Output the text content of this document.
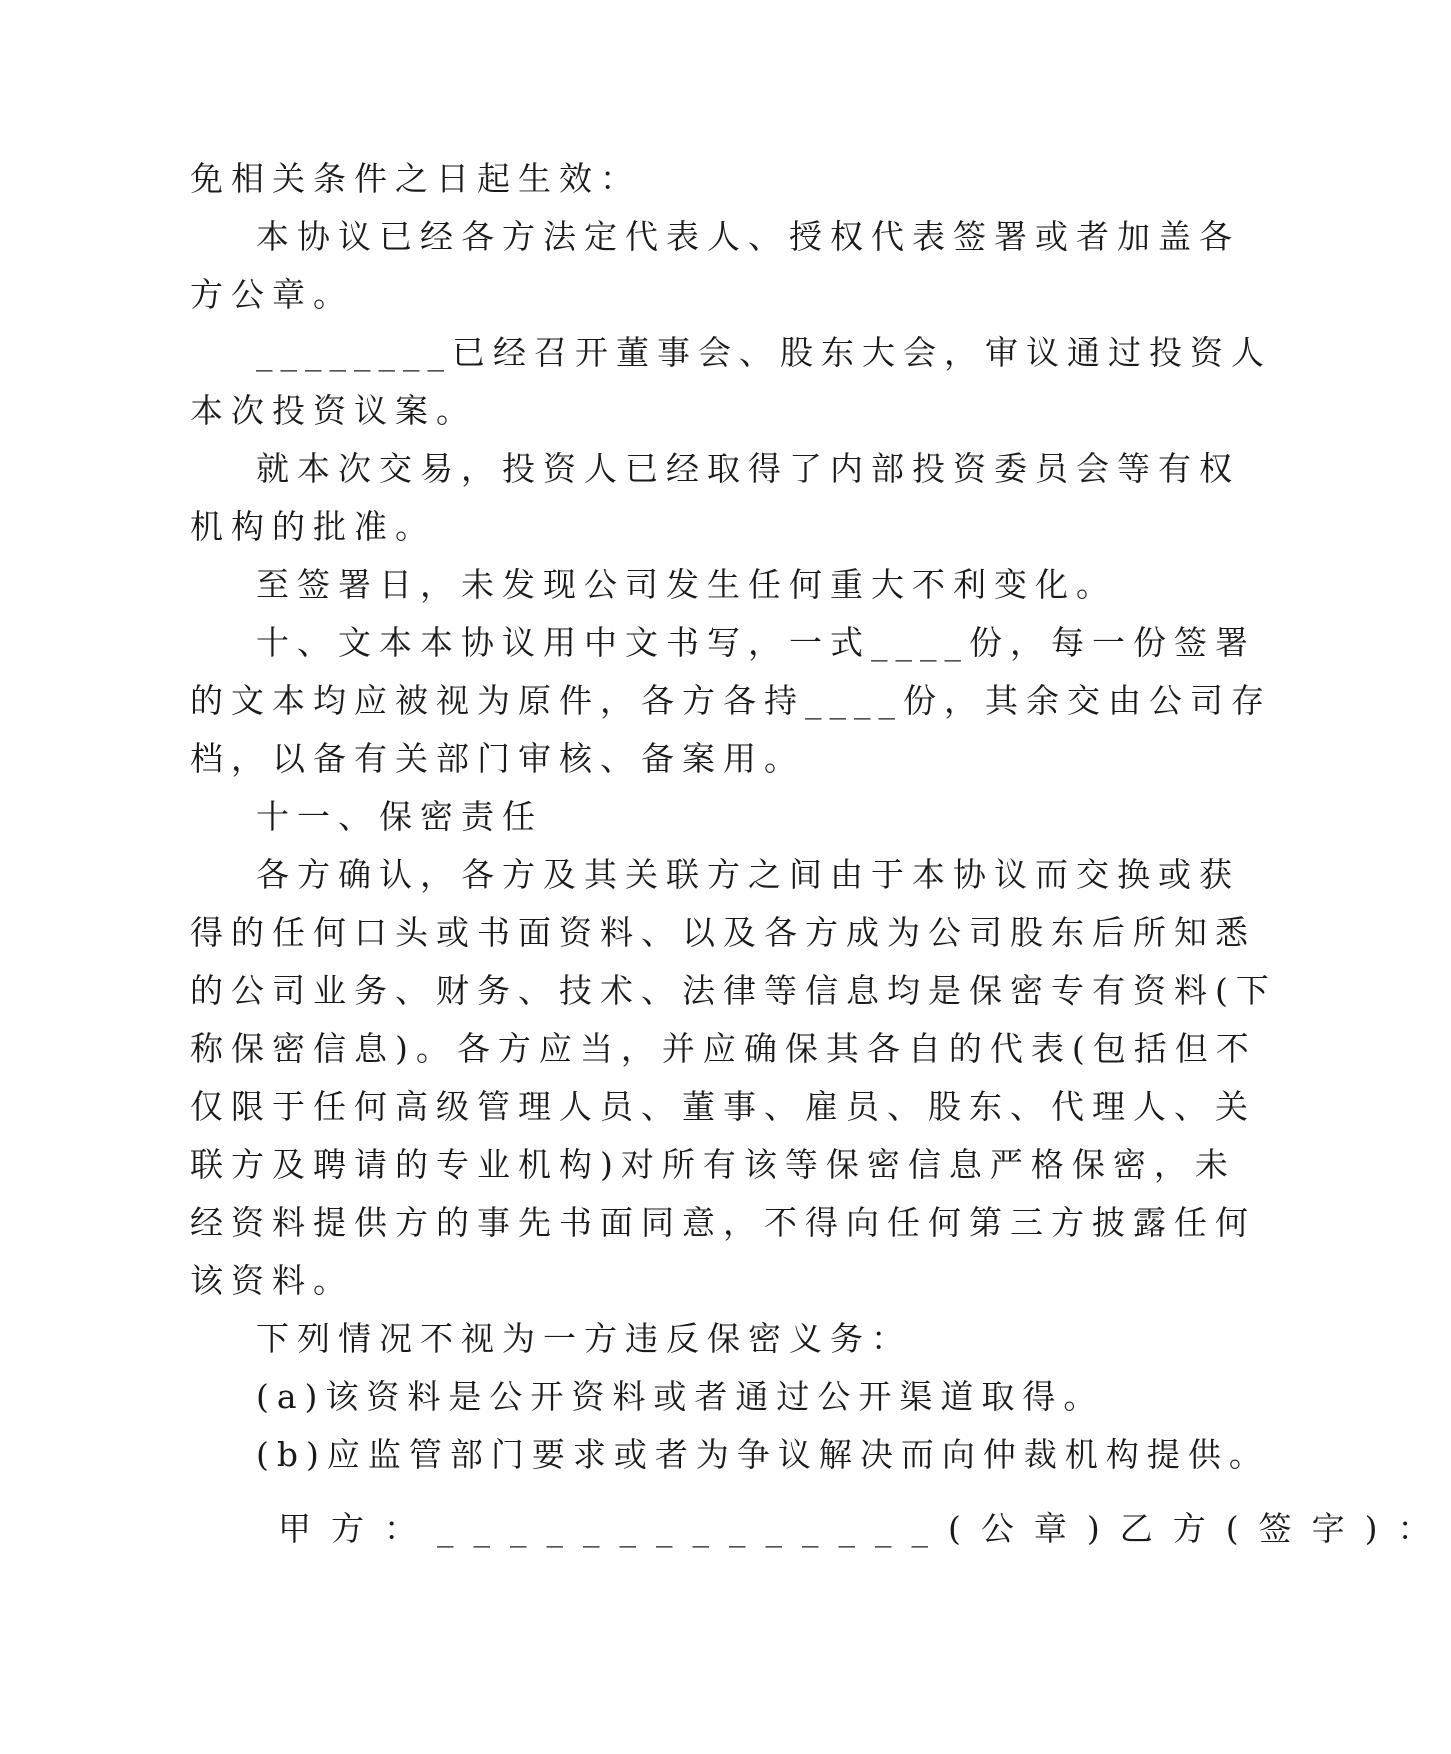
免相关条件之日起生效：
本协议已经各方法定代表人、授权代表签署或者加盖各
方公章。
________已经召开董事会、股东大会，审议通过投资人
本次投资议案。
就本次交易，投资人已经取得了内部投资委员会等有权
机构的批准。
至签署日，未发现公司发生任何重大不利变化。
十、文本本协议用中文书写，一式____份，每一份签署
的文本均应被视为原件，各方各持____份，其余交由公司存
档，以备有关部门审核、备案用。
十一、保密责任
各方确认，各方及其关联方之间由于本协议而交换或获
得的任何口头或书面资料、以及各方成为公司股东后所知悉
的公司业务、财务、技术、法律等信息均是保密专有资料(下
称保密信息)。各方应当，并应确保其各自的代表(包括但不
仅限于任何高级管理人员、董事、雇员、股东、代理人、关
联方及聘请的专业机构)对所有该等保密信息严格保密，未
经资料提供方的事先书面同意，不得向任何第三方披露任何
该资料。
下列情况不视为一方违反保密义务：
(a)该资料是公开资料或者通过公开渠道取得。
(b)应监管部门要求或者为争议解决而向仲裁机构提供。
甲方：______________(公章)乙方(签字)：
